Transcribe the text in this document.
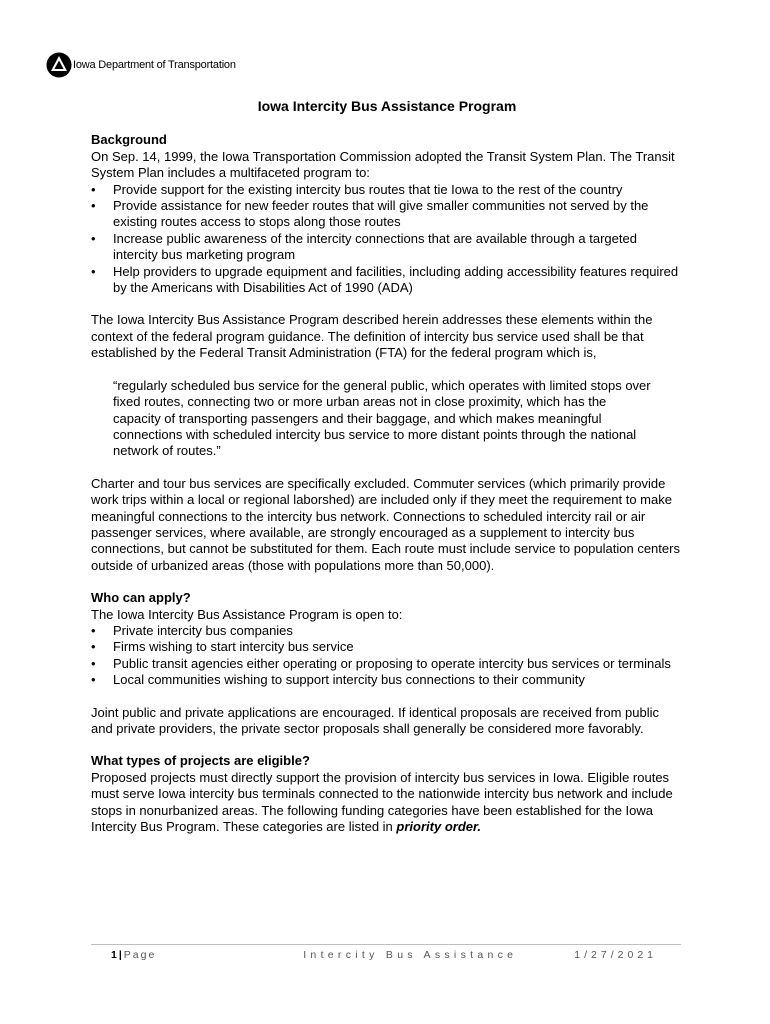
Iowa Department of Transportation
Iowa Intercity Bus Assistance Program

Background

On Sep. 14, 1999, the Iowa Transportation Commission adopted the Transit System Plan. The Transit System Plan includes a multifaceted program to:

• Provide support for the existing intercity bus routes that tie Iowa to the rest of the country
• Provide assistance for new feeder routes that will give smaller communities not served by the existing routes access to stops along those routes
• Increase public awareness of the intercity connections that are available through a targeted intercity bus marketing program
• Help providers to upgrade equipment and facilities, including adding accessibility features required by the Americans with Disabilities Act of 1990 (ADA)

The Iowa Intercity Bus Assistance Program described herein addresses these elements within the context of the federal program guidance. The definition of intercity bus service used shall be that established by the Federal Transit Administration (FTA) for the federal program which is,

“regularly scheduled bus service for the general public, which operates with limited stops over fixed routes, connecting two or more urban areas not in close proximity, which has the capacity of transporting passengers and their baggage, and which makes meaningful connections with scheduled intercity bus service to more distant points through the national network of routes.”

Charter and tour bus services are specifically excluded. Commuter services (which primarily provide work trips within a local or regional laborshed) are included only if they meet the requirement to make meaningful connections to the intercity bus network. Connections to scheduled intercity rail or air passenger services, where available, are strongly encouraged as a supplement to intercity bus connections, but cannot be substituted for them. Each route must include service to population centers outside of urbanized areas (those with populations more than 50,000).

Who can apply?

The Iowa Intercity Bus Assistance Program is open to:

• Private intercity bus companies
• Firms wishing to start intercity bus service
• Public transit agencies either operating or proposing to operate intercity bus services or terminals
• Local communities wishing to support intercity bus connections to their community

Joint public and private applications are encouraged. If identical proposals are received from public and private providers, the private sector proposals shall generally be considered more favorably.

What types of projects are eligible?

Proposed projects must directly support the provision of intercity bus services in Iowa. Eligible routes must serve Iowa intercity bus terminals connected to the nationwide intercity bus network and include stops in nonurbanized areas. The following funding categories have been established for the Iowa Intercity Bus Program. These categories are listed in priority order.

1|Page	Intercity Bus Assistance	1/27/2021
